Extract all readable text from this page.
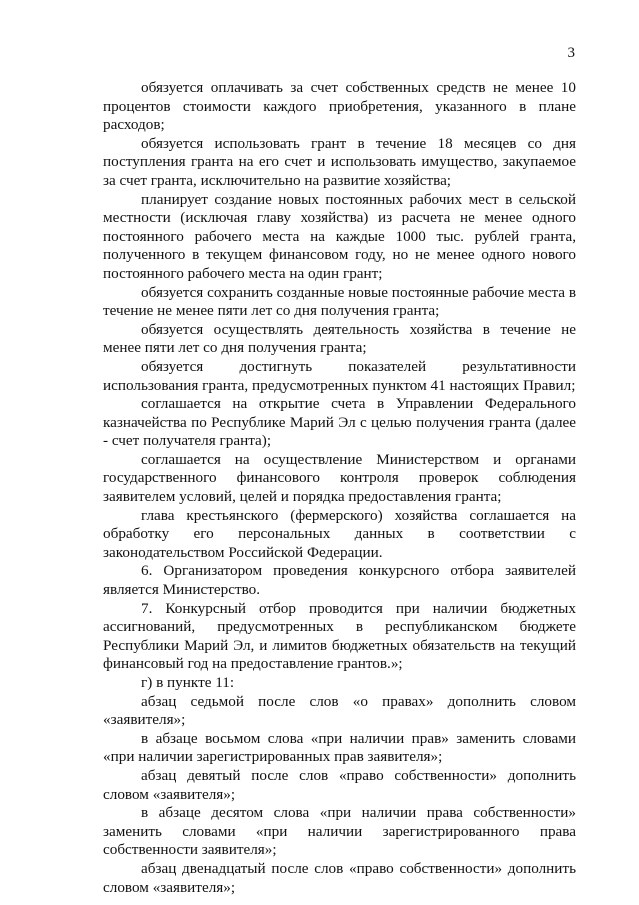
3

обязуется оплачивать за счет собственных средств не менее 10 процентов стоимости каждого приобретения, указанного в плане расходов;

обязуется использовать грант в течение 18 месяцев со дня поступления гранта на его счет и использовать имущество, закупаемое за счет гранта, исключительно на развитие хозяйства;

планирует создание новых постоянных рабочих мест в сельской местности (исключая главу хозяйства) из расчета не менее одного постоянного рабочего места на каждые 1000 тыс. рублей гранта, полученного в текущем финансовом году, но не менее одного нового постоянного рабочего места на один грант;

обязуется сохранить созданные новые постоянные рабочие места в течение не менее пяти лет со дня получения гранта;

обязуется осуществлять деятельность хозяйства в течение не менее пяти лет со дня получения гранта;

обязуется достигнуть показателей результативности использования гранта, предусмотренных пунктом 41 настоящих Правил;

соглашается на открытие счета в Управлении Федерального казначейства по Республике Марий Эл с целью получения гранта (далее - счет получателя гранта);

соглашается на осуществление Министерством и органами государственного финансового контроля проверок соблюдения заявителем условий, целей и порядка предоставления гранта;

глава крестьянского (фермерского) хозяйства соглашается на обработку его персональных данных в соответствии с законодательством Российской Федерации.

6. Организатором проведения конкурсного отбора заявителей является Министерство.

7. Конкурсный отбор проводится при наличии бюджетных ассигнований, предусмотренных в республиканском бюджете Республики Марий Эл, и лимитов бюджетных обязательств на текущий финансовый год на предоставление грантов.»;

г) в пункте 11:

абзац седьмой после слов «о правах» дополнить словом «заявителя»;

в абзаце восьмом слова «при наличии прав» заменить словами «при наличии зарегистрированных прав заявителя»;

абзац девятый после слов «право собственности» дополнить словом «заявителя»;

в абзаце десятом слова «при наличии права собственности» заменить словами «при наличии зарегистрированного права собственности заявителя»;

абзац двенадцатый после слов «право собственности» дополнить словом «заявителя»;
